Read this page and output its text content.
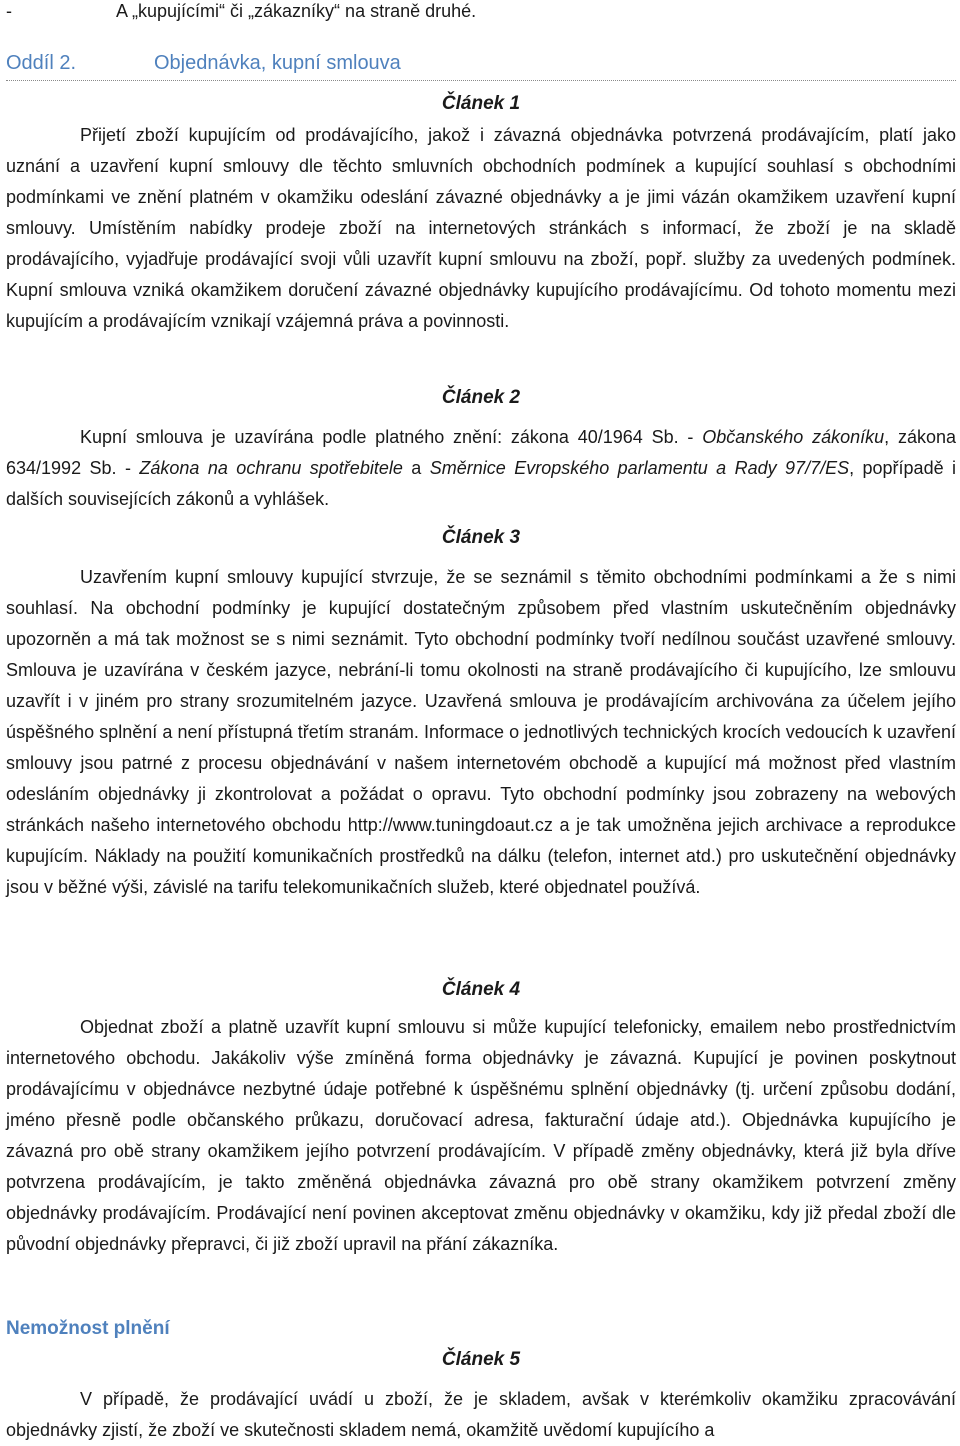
-	A „kupujícími“ či „zákazníky“ na straně druhé.
Oddíl 2.	Objednávka, kupní smlouva
Článek 1

Přijetí zboží kupujícím od prodávajícího, jakož i závazná objednávka potvrzená prodávajícím, platí jako uznání a uzavření kupní smlouvy dle těchto smluvních obchodních podmínek a kupující souhlasí s obchodními podmínkami ve znění platném v okamžiku odeslání závazné objednávky a je jimi vázán okamžikem uzavření kupní smlouvy. Umístěním nabídky prodeje zboží na internetových stránkách s informací, že zboží je na skladě prodávajícího, vyjadřuje prodávající svoji vůli uzavřít kupní smlouvu na zboží, popř. služby za uvedených podmínek. Kupní smlouva vzniká okamžikem doručení závazné objednávky kupujícího prodávajícímu. Od tohoto momentu mezi kupujícím a prodávajícím vznikají vzájemná práva a povinnosti.

Článek 2

Kupní smlouva je uzavírána podle platného znění: zákona 40/1964 Sb. - Občanského zákoníku, zákona 634/1992 Sb. - Zákona na ochranu spotřebitele a Směrnice Evropského parlamentu a Rady 97/7/ES, popřípadě i dalších souvisejících zákonů a vyhlášek.

Článek 3

Uzavřením kupní smlouvy kupující stvrzuje, že se seznámil s těmito obchodními podmínkami a že s nimi souhlasí. Na obchodní podmínky je kupující dostatečným způsobem před vlastním uskutečněním objednávky upozorněn a má tak možnost se s nimi seznámit. Tyto obchodní podmínky tvoří nedílnou součást uzavřené smlouvy. Smlouva je uzavírána v českém jazyce, nebrání-li tomu okolnosti na straně prodávajícího či kupujícího, lze smlouvu uzavřít i v jiném pro strany srozumitelném jazyce. Uzavřená smlouva je prodávajícím archivována za účelem jejího úspěšného splnění a není přístupná třetím stranám. Informace o jednotlivých technických krocích vedoucích k uzavření smlouvy jsou patrné z procesu objednávání v našem internetovém obchodě a kupující má možnost před vlastním odesláním objednávky ji zkontrolovat a požádat o opravu. Tyto obchodní podmínky jsou zobrazeny na webových stránkách našeho internetového obchodu http://www.tuningdoaut.cz a je tak umožněna jejich archivace a reprodukce kupujícím. Náklady na použití komunikačních prostředků na dálku (telefon, internet atd.) pro uskutečnění objednávky jsou v běžné výši, závislé na tarifu telekomunikačních služeb, které objednatel používá.

Článek 4

Objednat zboží a platně uzavřít kupní smlouvu si může kupující telefonicky, emailem nebo prostřednictvím internetového obchodu. Jakákoliv výše zmíněná forma objednávky je závazná. Kupující je povinen poskytnout prodávajícímu v objednávce nezbytné údaje potřebné k úspěšnému splnění objednávky (tj. určení způsobu dodání, jméno přesně podle občanského průkazu, doručovací adresa, fakturační údaje atd.). Objednávka kupujícího je závazná pro obě strany okamžikem jejího potvrzení prodávajícím. V případě změny objednávky, která již byla dříve potvrzena prodávajícím, je takto změněná objednávka závazná pro obě strany okamžikem potvrzení změny objednávky prodávajícím. Prodávající není povinen akceptovat změnu objednávky v okamžiku, kdy již předal zboží dle původní objednávky přepravci, či již zboží upravil na přání zákazníka.

Nemožnost plnění
Článek 5

V případě, že prodávající uvádí u zboží, že je skladem, avšak v kterémkoliv okamžiku zpracovávání objednávky zjistí, že zboží ve skutečnosti skladem nemá, okamžitě uvědomí kupujícího a
